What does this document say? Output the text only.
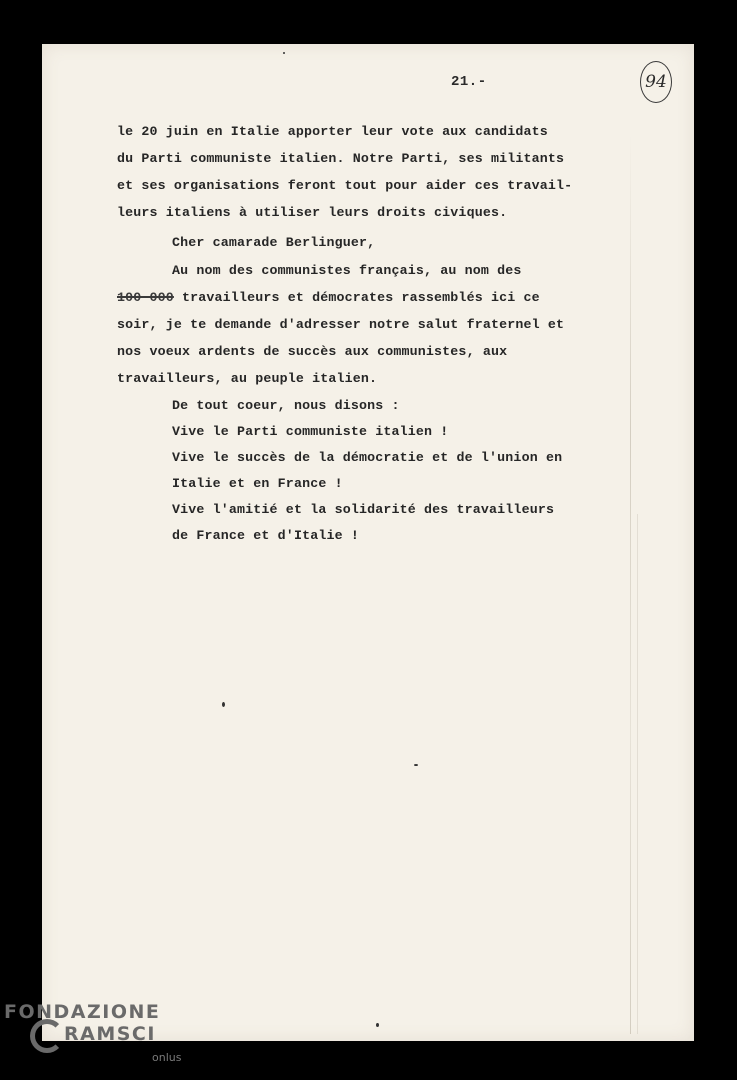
21.-	94
le 20 juin en Italie apporter leur vote aux candidats
du Parti communiste italien. Notre Parti, ses militants
et ses organisations feront tout pour aider ces travail-
leurs italiens à utiliser leurs droits civiques.
Cher camarade Berlinguer,
Au nom des communistes français, au nom des
100 000 travailleurs et démocrates rassemblés ici ce
soir, je te demande d'adresser notre salut fraternel et
nos voeux ardents de succès aux communistes, aux
travailleurs, au peuple italien.
De tout coeur, nous disons :
Vive le Parti communiste italien !
Vive le succès de la démocratie et de l'union en
Italie et en France !
Vive l'amitié et la solidarité des travailleurs
de France et d'Italie !
FONDAZIONE
RAMSCI
onlus
